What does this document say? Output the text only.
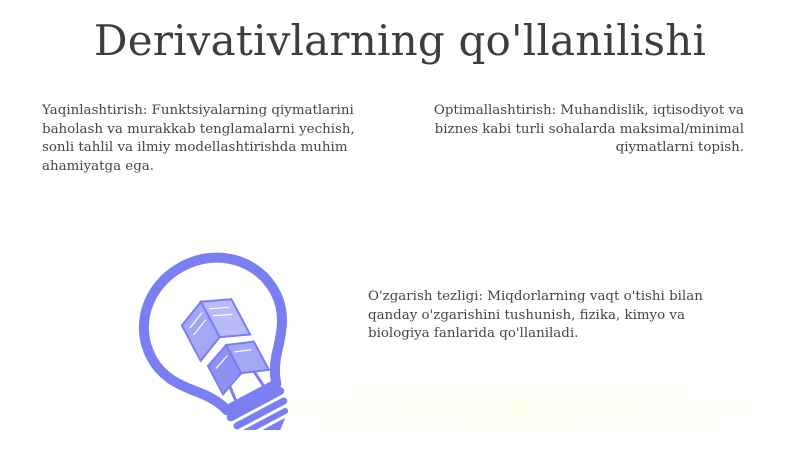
Derivativlarning qo'llanilishi
Yaqinlashtirish: Funktsiyalarning qiymatlarini baholash va murakkab tenglamalarni yechish, sonli tahlil va ilmiy modellashtirishda muhim ahamiyatga ega.
Optimallashtirish: Muhandislik, iqtisodiyot va biznes kabi turli sohalarda maksimal/minimal qiymatlarni topish.
O'zgarish tezligi: Miqdorlarning vaqt o'tishi bilan qanday o'zgarishini tushunish, fizika, kimyo va biologiya fanlarida qo'llaniladi.
